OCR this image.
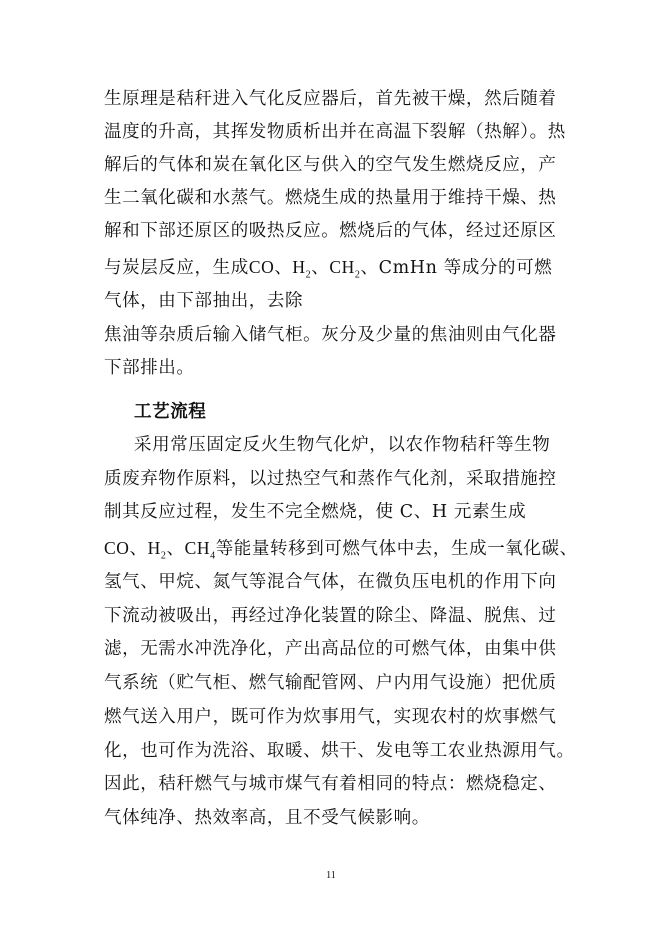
生原理是秸秆进入气化反应器后，首先被干燥，然后随着
温度的升高，其挥发物质析出并在高温下裂解（热解）。热
解后的气体和炭在氧化区与供入的空气发生燃烧反应，产
生二氧化碳和水蒸气。燃烧生成的热量用于维持干燥、热
解和下部还原区的吸热反应。燃烧后的气体，经过还原区
与炭层反应，生成CO、$H_2$、$CH_2$、CmHn 等成分的可燃
气体，由下部抽出，去除
焦油等杂质后输入储气柜。灰分及少量的焦油则由气化器
下部排出。
工艺流程
采用常压固定反火生物气化炉，以农作物秸秆等生物
质废弃物作原料，以过热空气和蒸作气化剂，采取措施控
制其反应过程，发生不完全燃烧，使 C、H 元素生成
CO、$H_2$、$CH_4$等能量转移到可燃气体中去，生成一氧化碳、
氢气、甲烷、氮气等混合气体，在微负压电机的作用下向
下流动被吸出，再经过净化装置的除尘、降温、脱焦、过
滤，无需水冲洗净化，产出高品位的可燃气体，由集中供
气系统（贮气柜、燃气输配管网、户内用气设施）把优质
燃气送入用户，既可作为炊事用气，实现农村的炊事燃气
化，也可作为洗浴、取暖、烘干、发电等工农业热源用气。
因此，秸秆燃气与城市煤气有着相同的特点：燃烧稳定、
气体纯净、热效率高，且不受气候影响。
11
